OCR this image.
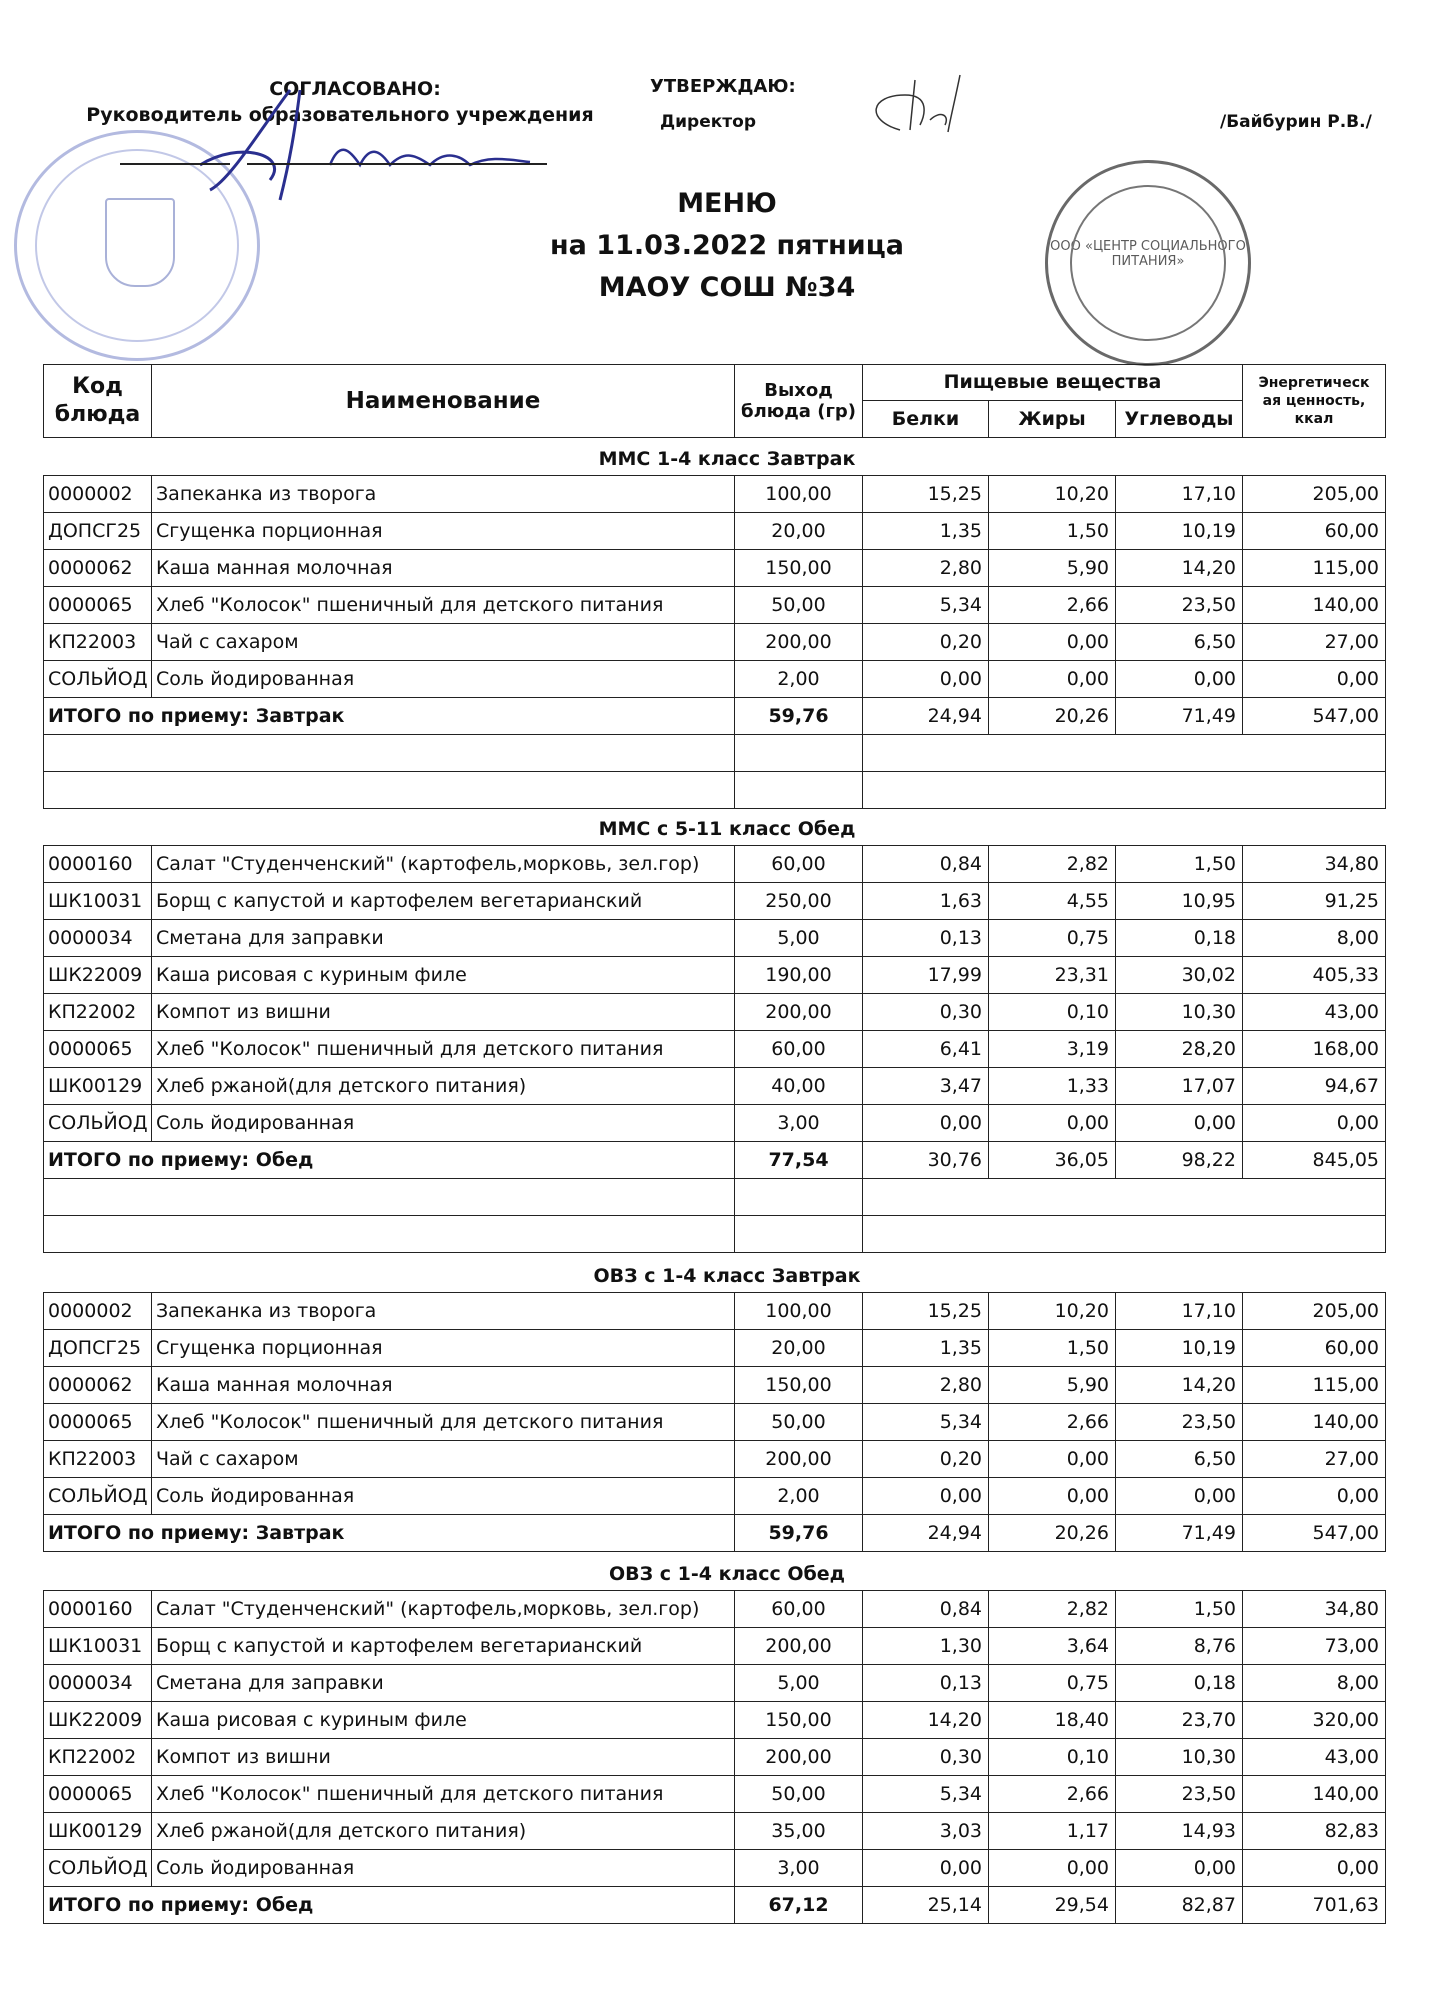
ООО «ЦЕНТР СОЦИАЛЬНОГО ПИТАНИЯ»
СОГЛАСОВАНО:
Руководитель образовательного учреждения
УТВЕРЖДАЮ:
Директор	/Байбурин Р.В./
МЕНЮ
на 11.03.2022 пятница
МАОУ СОШ №34
Код блюда	Наименование	Выход блюда (гр)	Пищевые вещества			Энергетическ ая ценность, ккал
			Белки	Жиры	Углеводы	
ММС 1-4 класс Завтрак
0000002	Запеканка из творога	100,00	15,25	10,20	17,10	205,00
ДОПСГ25	Сгущенка порционная	20,00	1,35	1,50	10,19	60,00
0000062	Каша манная молочная	150,00	2,80	5,90	14,20	115,00
0000065	Хлеб "Колосок" пшеничный для детского питания	50,00	5,34	2,66	23,50	140,00
КП22003	Чай с сахаром	200,00	0,20	0,00	6,50	27,00
СОЛЬЙОД	Соль йодированная	2,00	0,00	0,00	0,00	0,00
ИТОГО по приему: Завтрак		59,76	24,94	20,26	71,49	547,00

ММС с 5-11 класс Обед
0000160	Салат "Студенченский" (картофель,морковь, зел.гор)	60,00	0,84	2,82	1,50	34,80
ШК10031	Борщ с капустой и картофелем вегетарианский	250,00	1,63	4,55	10,95	91,25
0000034	Сметана для заправки	5,00	0,13	0,75	0,18	8,00
ШК22009	Каша рисовая с куриным филе	190,00	17,99	23,31	30,02	405,33
КП22002	Компот из вишни	200,00	0,30	0,10	10,30	43,00
0000065	Хлеб "Колосок" пшеничный для детского питания	60,00	6,41	3,19	28,20	168,00
ШК00129	Хлеб ржаной(для детского питания)	40,00	3,47	1,33	17,07	94,67
СОЛЬЙОД	Соль йодированная	3,00	0,00	0,00	0,00	0,00
ИТОГО по приему: Обед		77,54	30,76	36,05	98,22	845,05

ОВЗ с 1-4 класс Завтрак
0000002	Запеканка из творога	100,00	15,25	10,20	17,10	205,00
ДОПСГ25	Сгущенка порционная	20,00	1,35	1,50	10,19	60,00
0000062	Каша манная молочная	150,00	2,80	5,90	14,20	115,00
0000065	Хлеб "Колосок" пшеничный для детского питания	50,00	5,34	2,66	23,50	140,00
КП22003	Чай с сахаром	200,00	0,20	0,00	6,50	27,00
СОЛЬЙОД	Соль йодированная	2,00	0,00	0,00	0,00	0,00
ИТОГО по приему: Завтрак		59,76	24,94	20,26	71,49	547,00
ОВЗ с 1-4 класс Обед
0000160	Салат "Студенченский" (картофель,морковь, зел.гор)	60,00	0,84	2,82	1,50	34,80
ШК10031	Борщ с капустой и картофелем вегетарианский	200,00	1,30	3,64	8,76	73,00
0000034	Сметана для заправки	5,00	0,13	0,75	0,18	8,00
ШК22009	Каша рисовая с куриным филе	150,00	14,20	18,40	23,70	320,00
КП22002	Компот из вишни	200,00	0,30	0,10	10,30	43,00
0000065	Хлеб "Колосок" пшеничный для детского питания	50,00	5,34	2,66	23,50	140,00
ШК00129	Хлеб ржаной(для детского питания)	35,00	3,03	1,17	14,93	82,83
СОЛЬЙОД	Соль йодированная	3,00	0,00	0,00	0,00	0,00
ИТОГО по приему: Обед		67,12	25,14	29,54	82,87	701,63
